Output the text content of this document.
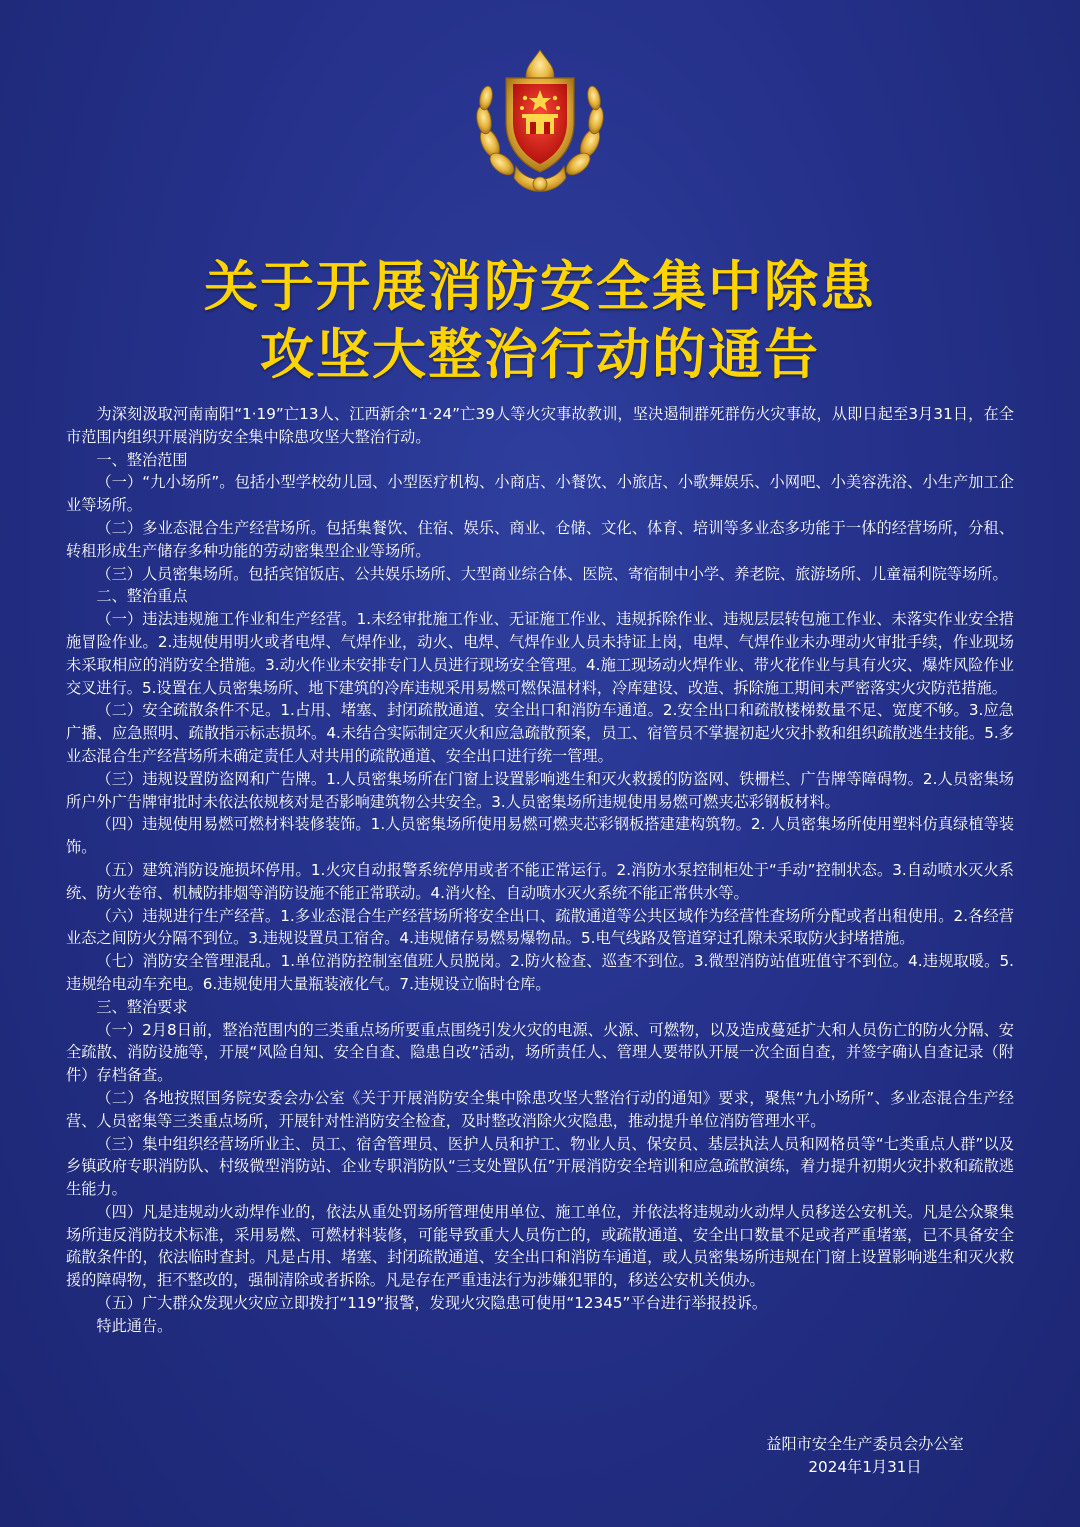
关于开展消防安全集中除患
攻坚大整治行动的通告

为深刻汲取河南南阳“1·19”亡13人、江西新余“1·24”亡39人等火灾事故教训，坚决遏制群死群伤火灾事故，从即日起至3月31日，在全市范围内组织开展消防安全集中除患攻坚大整治行动。

一、整治范围

（一）“九小场所”。包括小型学校幼儿园、小型医疗机构、小商店、小餐饮、小旅店、小歌舞娱乐、小网吧、小美容洗浴、小生产加工企业等场所。

（二）多业态混合生产经营场所。包括集餐饮、住宿、娱乐、商业、仓储、文化、体育、培训等多业态多功能于一体的经营场所，分租、转租形成生产储存多种功能的劳动密集型企业等场所。

（三）人员密集场所。包括宾馆饭店、公共娱乐场所、大型商业综合体、医院、寄宿制中小学、养老院、旅游场所、儿童福利院等场所。

二、整治重点

（一）违法违规施工作业和生产经营。1.未经审批施工作业、无证施工作业、违规拆除作业、违规层层转包施工作业、未落实作业安全措施冒险作业。2.违规使用明火或者电焊、气焊作业，动火、电焊、气焊作业人员未持证上岗，电焊、气焊作业未办理动火审批手续，作业现场未采取相应的消防安全措施。3.动火作业未安排专门人员进行现场安全管理。4.施工现场动火焊作业、带火花作业与具有火灾、爆炸风险作业交叉进行。5.设置在人员密集场所、地下建筑的冷库违规采用易燃可燃保温材料，冷库建设、改造、拆除施工期间未严密落实火灾防范措施。

（二）安全疏散条件不足。1.占用、堵塞、封闭疏散通道、安全出口和消防车通道。2.安全出口和疏散楼梯数量不足、宽度不够。3.应急广播、应急照明、疏散指示标志损坏。4.未结合实际制定灭火和应急疏散预案，员工、宿管员不掌握初起火灾扑救和组织疏散逃生技能。5.多业态混合生产经营场所未确定责任人对共用的疏散通道、安全出口进行统一管理。

（三）违规设置防盗网和广告牌。1.人员密集场所在门窗上设置影响逃生和灭火救援的防盗网、铁栅栏、广告牌等障碍物。2.人员密集场所户外广告牌审批时未依法依规核对是否影响建筑物公共安全。3.人员密集场所违规使用易燃可燃夹芯彩钢板材料。

（四）违规使用易燃可燃材料装修装饰。1.人员密集场所使用易燃可燃夹芯彩钢板搭建建构筑物。2. 人员密集场所使用塑料仿真绿植等装饰。

（五）建筑消防设施损坏停用。1.火灾自动报警系统停用或者不能正常运行。2.消防水泵控制柜处于“手动”控制状态。3.自动喷水灭火系统、防火卷帘、机械防排烟等消防设施不能正常联动。4.消火栓、自动喷水灭火系统不能正常供水等。

（六）违规进行生产经营。1.多业态混合生产经营场所将安全出口、疏散通道等公共区域作为经营性查场所分配或者出租使用。2.各经营业态之间防火分隔不到位。3.违规设置员工宿舍。4.违规储存易燃易爆物品。5.电气线路及管道穿过孔隙未采取防火封堵措施。

（七）消防安全管理混乱。1.单位消防控制室值班人员脱岗。2.防火检查、巡查不到位。3.微型消防站值班值守不到位。4.违规取暖。5.违规给电动车充电。6.违规使用大量瓶装液化气。7.违规设立临时仓库。

三、整治要求

（一）2月8日前，整治范围内的三类重点场所要重点围绕引发火灾的电源、火源、可燃物，以及造成蔓延扩大和人员伤亡的防火分隔、安全疏散、消防设施等，开展“风险自知、安全自查、隐患自改”活动，场所责任人、管理人要带队开展一次全面自查，并签字确认自查记录（附件）存档备查。

（二）各地按照国务院安委会办公室《关于开展消防安全集中除患攻坚大整治行动的通知》要求，聚焦“九小场所”、多业态混合生产经营、人员密集等三类重点场所，开展针对性消防安全检查，及时整改消除火灾隐患，推动提升单位消防管理水平。

（三）集中组织经营场所业主、员工、宿舍管理员、医护人员和护工、物业人员、保安员、基层执法人员和网格员等“七类重点人群”以及乡镇政府专职消防队、村级微型消防站、企业专职消防队“三支处置队伍”开展消防安全培训和应急疏散演练，着力提升初期火灾扑救和疏散逃生能力。

（四）凡是违规动火动焊作业的，依法从重处罚场所管理使用单位、施工单位，并依法将违规动火动焊人员移送公安机关。凡是公众聚集场所违反消防技术标准，采用易燃、可燃材料装修，可能导致重大人员伤亡的，或疏散通道、安全出口数量不足或者严重堵塞，已不具备安全疏散条件的，依法临时查封。凡是占用、堵塞、封闭疏散通道、安全出口和消防车通道，或人员密集场所违规在门窗上设置影响逃生和灭火救援的障碍物，拒不整改的，强制清除或者拆除。凡是存在严重违法行为涉嫌犯罪的，移送公安机关侦办。

（五）广大群众发现火灾应立即拨打“119”报警，发现火灾隐患可使用“12345”平台进行举报投诉。

特此通告。

益阳市安全生产委员会办公室
2024年1月31日
